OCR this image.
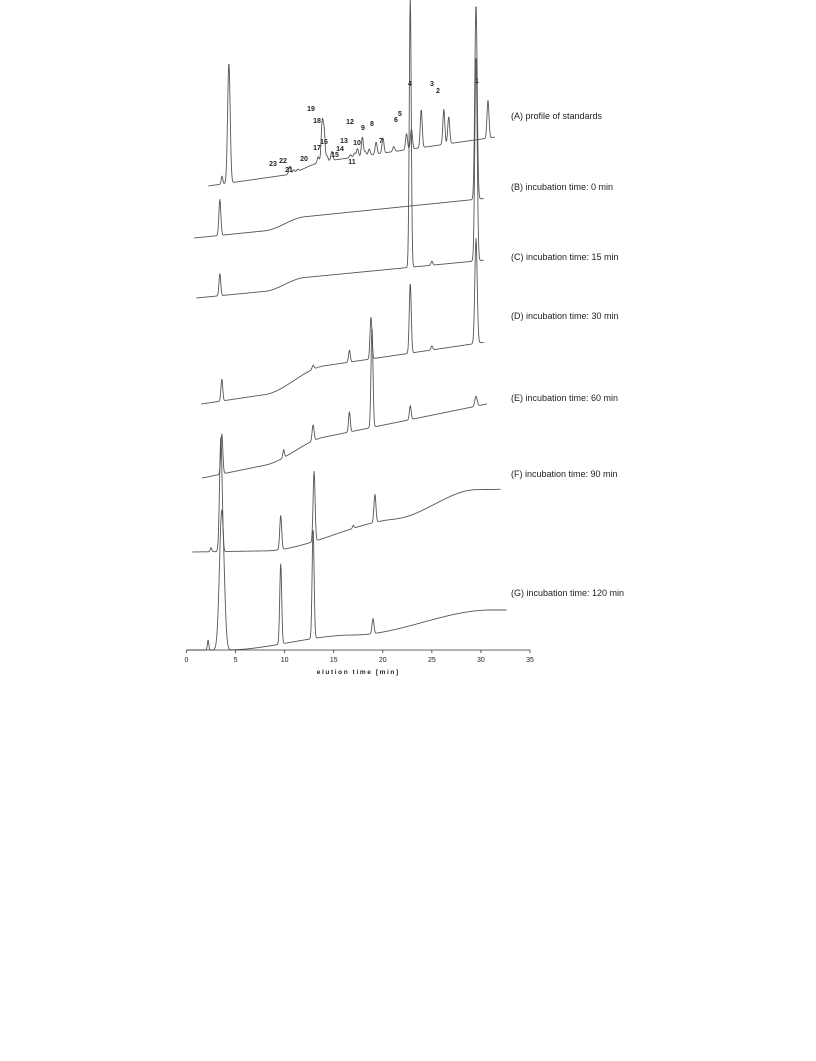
1
2
3
4
5
6
7
8
9
10
11
12
13
14
15
16
17
18
19
20
21
22
23
(A) profile of standards
(B) incubation time: 0 min
(C) incubation time: 15 min
(D) incubation time: 30 min
(E) incubation time: 60 min
(F) incubation time: 90 min
(G) incubation time: 120 min
0	5	10	15	20	25	30	35
elution time [min]
